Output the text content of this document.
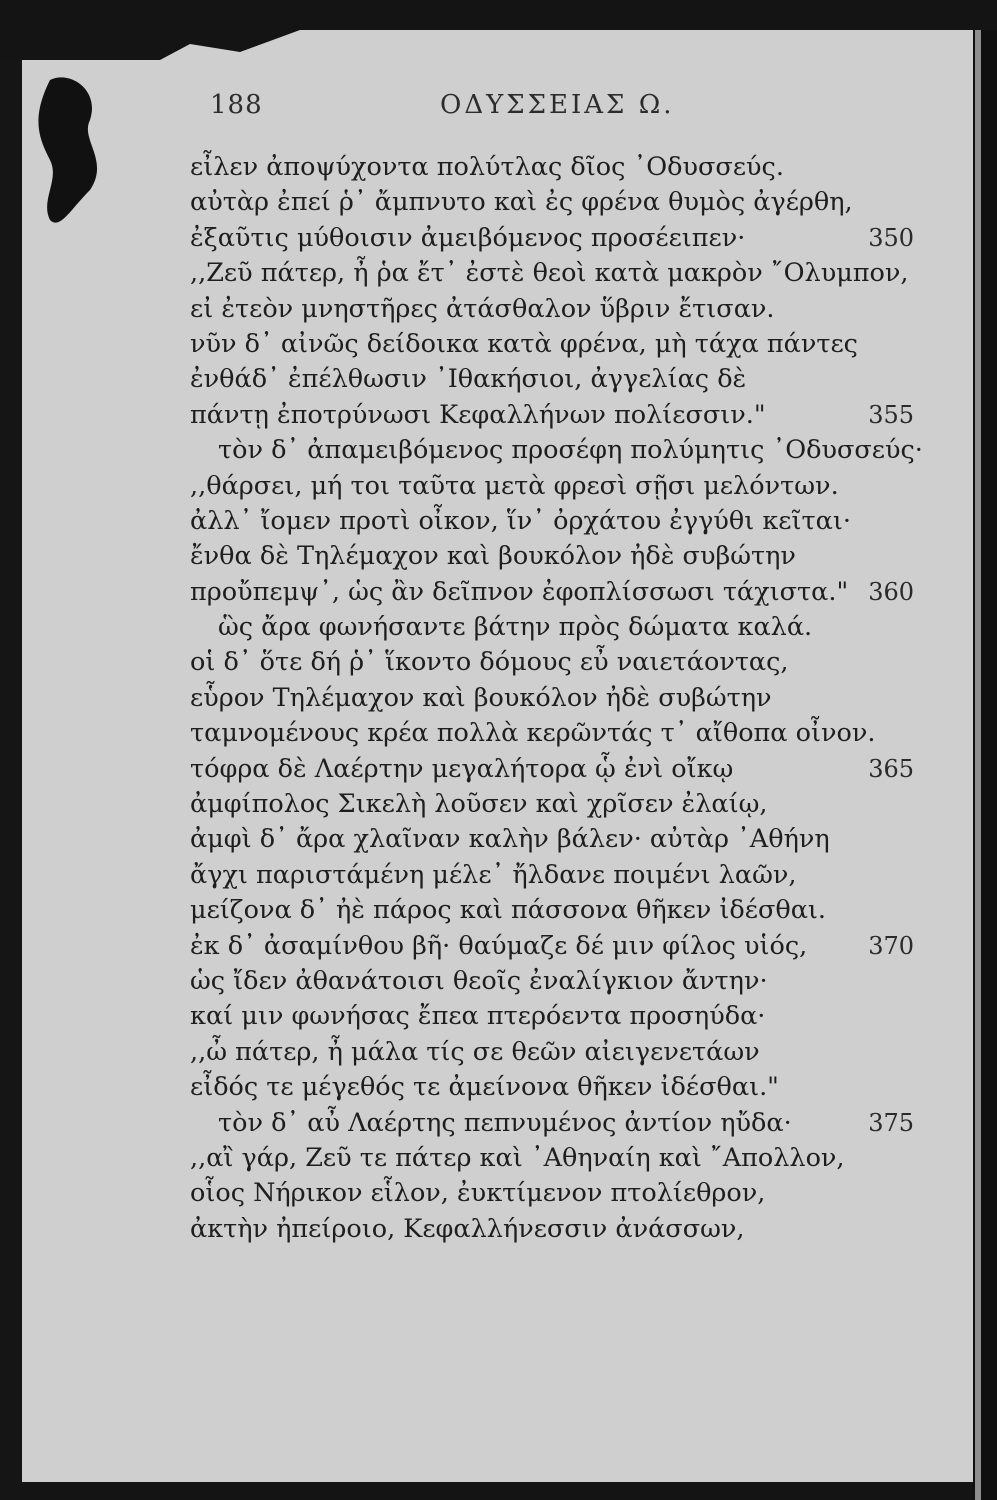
188	ΟΔΥΣΣΕΙΑΣ Ω.
εἶλεν ἀποψύχοντα πολύτλας δῖος ᾿Οδυσσεύς.
αὐτὰρ ἐπεί ῥ᾿ ἄμπνυτο καὶ ἐς φρένα θυμὸς ἀγέρθη,
ἐξαῦτις μύθοισιν ἀμειβόμενος προσέειπεν·	350
,,Ζεῦ πάτερ, ἦ ῥα ἔτ᾿ ἐστὲ θεοὶ κατὰ μακρὸν ῎Ολυμπον,
εἰ ἐτεὸν μνηστῆρες ἀτάσθαλον ὕβριν ἔτισαν.
νῦν δ᾿ αἰνῶς δείδοικα κατὰ φρένα, μὴ τάχα πάντες
ἐνθάδ᾿ ἐπέλθωσιν ᾿Ιθακήσιοι, ἀγγελίας δὲ
πάντῃ ἐποτρύνωσι Κεφαλλήνων πολίεσσιν."	355
τὸν δ᾿ ἀπαμειβόμενος προσέφη πολύμητις ᾿Οδυσσεύς·
,,θάρσει, μή τοι ταῦτα μετὰ φρεσὶ σῇσι μελόντων.
ἀλλ᾿ ἴομεν προτὶ οἶκον, ἵν᾿ ὀρχάτου ἐγγύθι κεῖται·
ἔνθα δὲ Τηλέμαχον καὶ βουκόλον ἠδὲ συβώτην
προὔπεμψ᾿, ὡς ἂν δεῖπνον ἐφοπλίσσωσι τάχιστα." 360
ὣς ἄρα φωνήσαντε βάτην πρὸς δώματα καλά.
οἱ δ᾿ ὅτε δή ῥ᾿ ἵκοντο δόμους εὖ ναιετάοντας,
εὗρον Τηλέμαχον καὶ βουκόλον ἠδὲ συβώτην
ταμνομένους κρέα πολλὰ κερῶντάς τ᾿ αἴθοπα οἶνον.
τόφρα δὲ Λαέρτην μεγαλήτορα ᾧ ἐνὶ οἴκῳ	365
ἀμφίπολος Σικελὴ λοῦσεν καὶ χρῖσεν ἐλαίῳ,
ἀμφὶ δ᾿ ἄρα χλαῖναν καλὴν βάλεν· αὐτὰρ ᾿Αθήνη
ἄγχι παριστάμένη μέλε᾿ ἤλδανε ποιμένι λαῶν,
μείζονα δ᾿ ἠὲ πάρος καὶ πάσσονα θῆκεν ἰδέσθαι.
ἐκ δ᾿ ἀσαμίνθου βῆ· θαύμαζε δέ μιν φίλος υἱός,	370
ὡς ἴδεν ἀθανάτοισι θεοῖς ἐναλίγκιον ἄντην·
καί μιν φωνήσας ἔπεα πτερόεντα προσηύδα·
,,ὦ πάτερ, ἦ μάλα τίς σε θεῶν αἰειγενετάων
εἶδός τε μέγεθός τε ἀμείνονα θῆκεν ἰδέσθαι."
τὸν δ᾿ αὖ Λαέρτης πεπνυμένος ἀντίον ηὔδα·	375
,,αἲ γάρ, Ζεῦ τε πάτερ καὶ ᾿Αθηναίη καὶ ῎Απολλον,
οἷος Νήρικον εἷλον, ἐυκτίμενον πτολίεθρον,
ἀκτὴν ἠπείροιο, Κεφαλλήνεσσιν ἀνάσσων,
